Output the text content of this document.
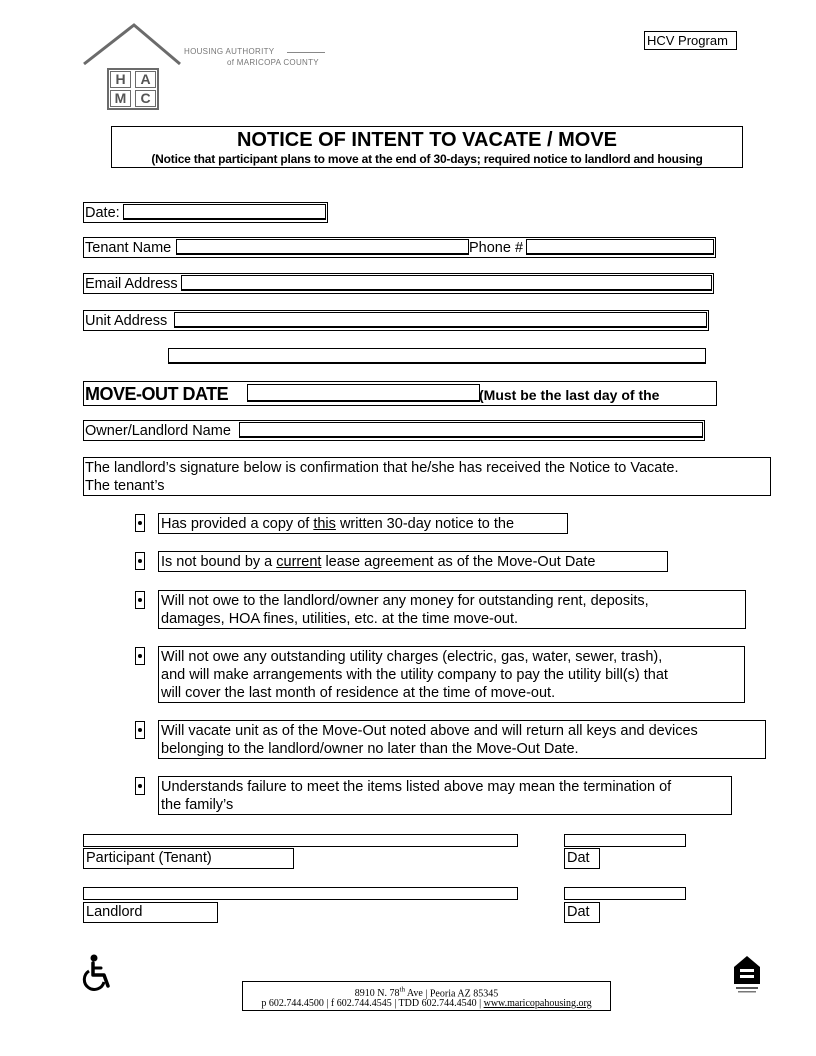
HOUSING AUTHORITY
of MARICOPA COUNTY
H	A
M	C
HCV Program
NOTICE OF INTENT TO VACATE / MOVE
(Notice that participant plans to move at the end of 30-days; required notice to landlord and housing
Date:
Tenant Name	Phone #
Email Address
Unit Address
MOVE-OUT DATE	(Must be the last day of the
Owner/Landlord Name
The landlord’s signature below is confirmation that he/she has received the Notice to Vacate.
The tenant’s
Has provided a copy of this written 30-day notice to the
Is not bound by a current lease agreement as of the Move-Out Date
Will not owe to the landlord/owner any money for outstanding rent, deposits,
damages, HOA fines, utilities, etc. at the time move-out.
Will not owe any outstanding utility charges (electric, gas, water, sewer, trash),
and will make arrangements with the utility company to pay the utility bill(s) that
will cover the last month of residence at the time of move-out.
Will vacate unit as of the Move-Out noted above and will return all keys and devices
belonging to the landlord/owner no later than the Move-Out Date.
Understands failure to meet the items listed above may mean the termination of
the family’s
Participant (Tenant)	Dat
Landlord	Dat
8910 N. 78th Ave | Peoria AZ 85345
p 602.744.4500 | f 602.744.4545 | TDD 602.744.4540 | www.maricopahousing.org
